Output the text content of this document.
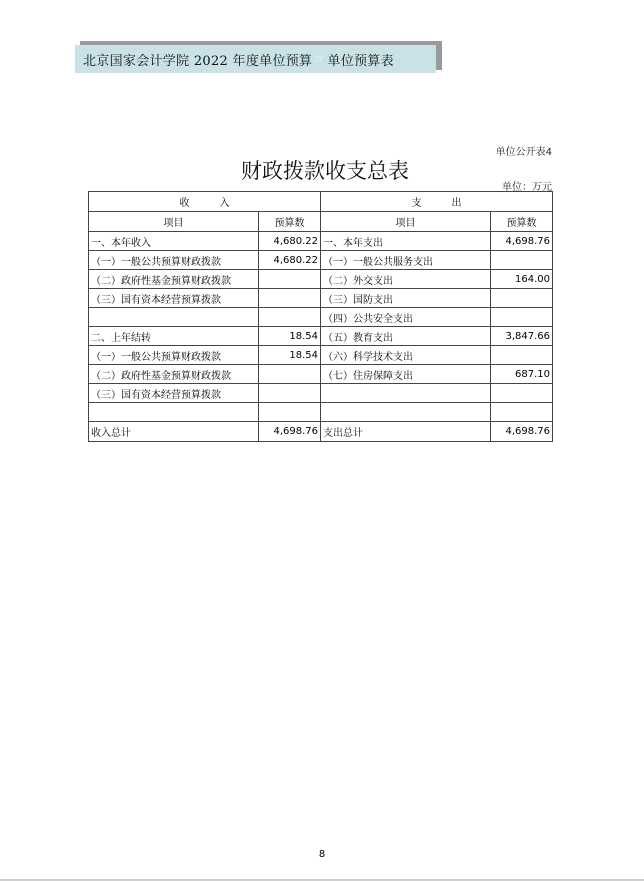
北京国家会计学院 2022 年度单位预算 ☞ 单位预算表
单位公开表4
财政拨款收支总表
单位：万元
收　　　入		支　　　出	
项目	预算数	项目	预算数
一、本年收入	4,680.22	一、本年支出	4,698.76
（一）一般公共预算财政拨款	4,680.22	（一）一般公共服务支出	
（二）政府性基金预算财政拨款		（二）外交支出	164.00
（三）国有资本经营预算拨款		（三）国防支出	
		（四）公共安全支出	
二、上年结转	18.54	（五）教育支出	3,847.66
（一）一般公共预算财政拨款	18.54	（六）科学技术支出	
（二）政府性基金预算财政拨款		（七）住房保障支出	687.10
（三）国有资本经营预算拨款			

收入总计	4,698.76	支出总计	4,698.76
8
